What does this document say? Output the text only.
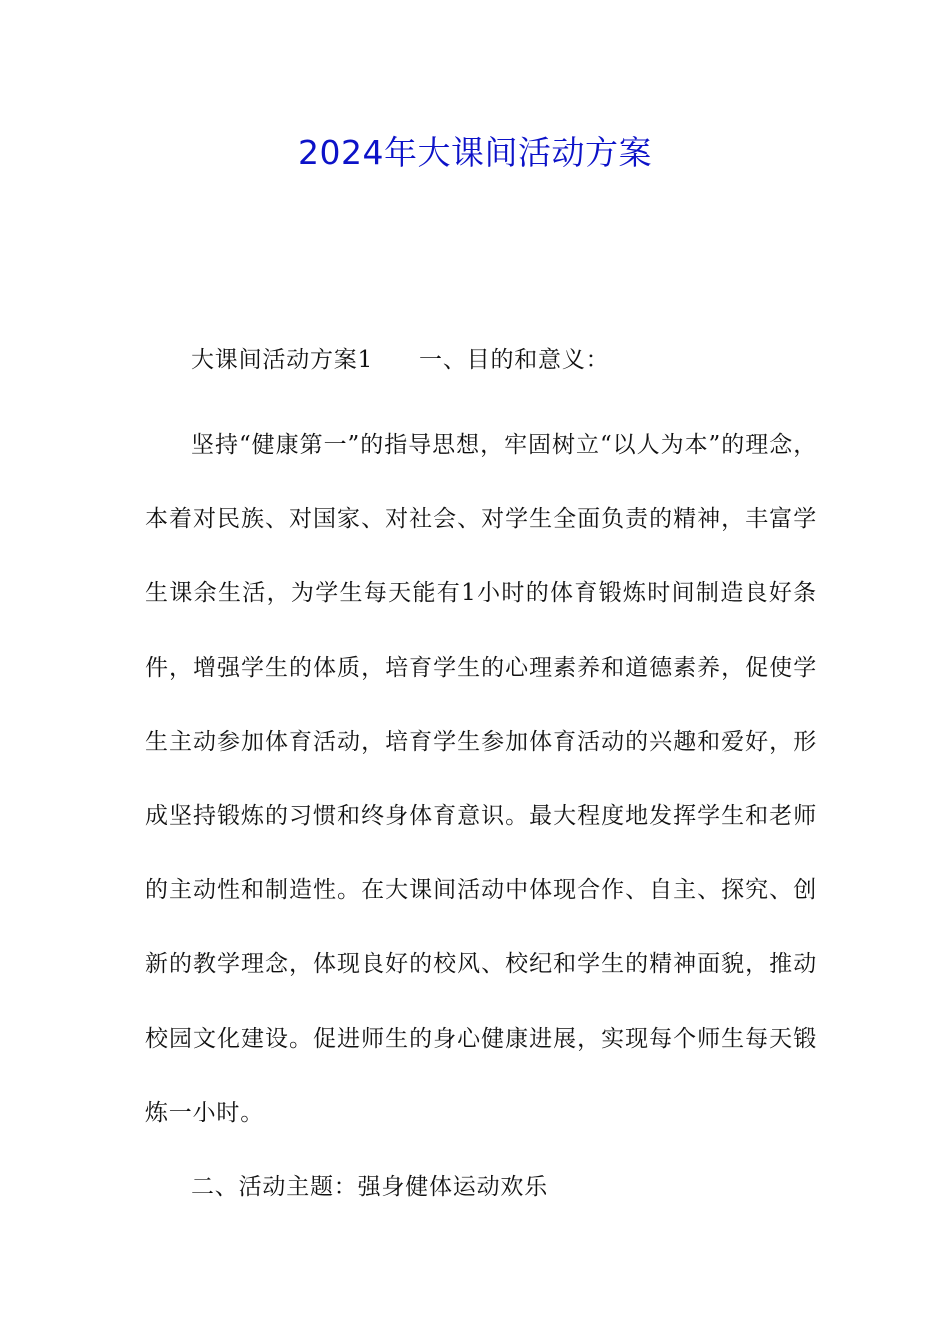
2024年大课间活动方案

大课间活动方案1 一、目的和意义：

坚持“健康第一”的指导思想，牢固树立“以人为本”的理念，本着对民族、对国家、对社会、对学生全面负责的精神，丰富学生课余生活，为学生每天能有1小时的体育锻炼时间制造良好条件，增强学生的体质，培育学生的心理素养和道德素养，促使学生主动参加体育活动，培育学生参加体育活动的兴趣和爱好，形成坚持锻炼的习惯和终身体育意识。最大程度地发挥学生和老师的主动性和制造性。在大课间活动中体现合作、自主、探究、创新的教学理念，体现良好的校风、校纪和学生的精神面貌，推动校园文化建设。促进师生的身心健康进展，实现每个师生每天锻炼一小时。

二、活动主题：强身健体运动欢乐
